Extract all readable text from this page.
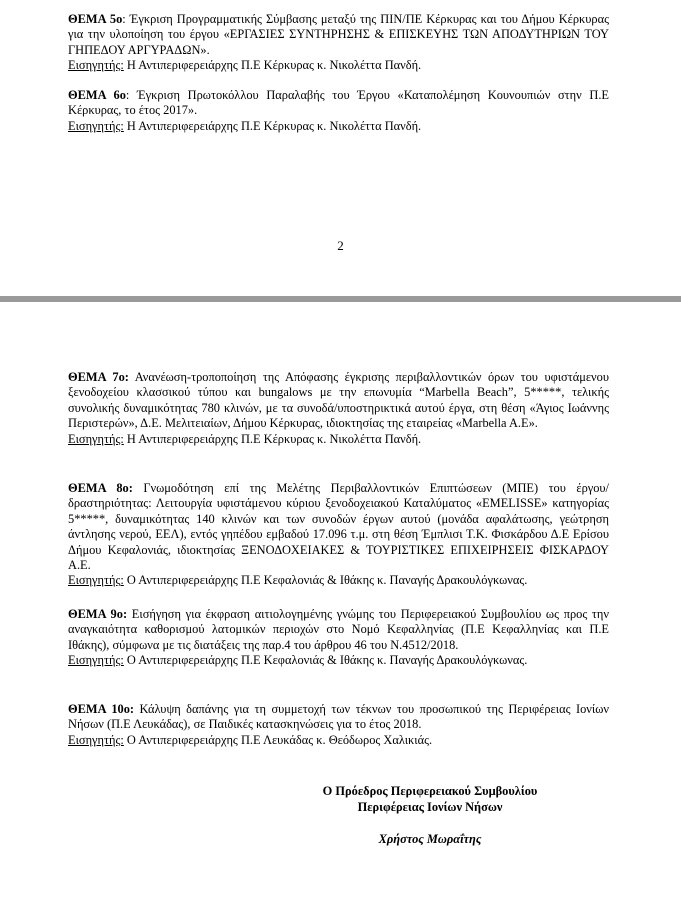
ΘΕΜΑ 5ο: Έγκριση Προγραμματικής Σύμβασης μεταξύ της ΠΙΝ/ΠΕ Κέρκυρας και του Δήμου Κέρκυρας για την υλοποίηση του έργου «ΕΡΓΑΣΙΕΣ ΣΥΝΤΗΡΗΣΗΣ & ΕΠΙΣΚΕΥΗΣ ΤΩΝ ΑΠΟΔΥΤΗΡΙΩΝ ΤΟΥ ΓΗΠΕΔΟΥ ΑΡΓΥΡΑΔΩΝ».

Εισηγητής: Η Αντιπεριφερειάρχης Π.Ε Κέρκυρας κ. Νικολέττα Πανδή.

ΘΕΜΑ 6ο: Έγκριση Πρωτοκόλλου Παραλαβής του Έργου «Καταπολέμηση Κουνουπιών στην Π.Ε Κέρκυρας, το έτος 2017».

Εισηγητής: Η Αντιπεριφερειάρχης Π.Ε Κέρκυρας κ. Νικολέττα Πανδή.

2

ΘΕΜΑ 7ο: Ανανέωση-τροποποίηση της Απόφασης έγκρισης περιβαλλοντικών όρων του υφιστάμενου ξενοδοχείου κλασσικού τύπου και bungalows με την επωνυμία “Marbella Beach”, 5*****, τελικής συνολικής δυναμικότητας 780 κλινών, με τα συνοδά/υποστηρικτικά αυτού έργα, στη θέση «Άγιος Ιωάννης Περιστερών», Δ.Ε. Μελιτειαίων, Δήμου Κέρκυρας, ιδιοκτησίας της εταιρείας «Marbella A.E».

Εισηγητής: Η Αντιπεριφερειάρχης Π.Ε Κέρκυρας κ. Νικολέττα Πανδή.

ΘΕΜΑ 8ο: Γνωμοδότηση επί της Μελέτης Περιβαλλοντικών Επιπτώσεων (ΜΠΕ) του έργου/δραστηριότητας: Λειτουργία υφιστάμενου κύριου ξενοδοχειακού Καταλύματος «EMELISSE» κατηγορίας 5*****, δυναμικότητας 140 κλινών και των συνοδών έργων αυτού (μονάδα αφαλάτωσης, γεώτρηση άντλησης νερού, ΕΕΛ), εντός γηπέδου εμβαδού 17.096 τ.μ. στη θέση Έμπλισι Τ.Κ. Φισκάρδου Δ.Ε Ερίσου Δήμου Κεφαλονιάς, ιδιοκτησίας ΞΕΝΟΔΟΧΕΙΑΚΕΣ & ΤΟΥΡΙΣΤΙΚΕΣ ΕΠΙΧΕΙΡΗΣΕΙΣ ΦΙΣΚΑΡΔΟΥ Α.Ε.

Εισηγητής: Ο Αντιπεριφερειάρχης Π.Ε Κεφαλονιάς & Ιθάκης κ. Παναγής Δρακουλόγκωνας.

ΘΕΜΑ 9ο: Εισήγηση για έκφραση αιτιολογημένης γνώμης του Περιφερειακού Συμβουλίου ως προς την αναγκαιότητα καθορισμού λατομικών περιοχών στο Νομό Κεφαλληνίας (Π.Ε Κεφαλληνίας και Π.Ε Ιθάκης), σύμφωνα με τις διατάξεις της παρ.4 του άρθρου 46 του Ν.4512/2018.

Εισηγητής: Ο Αντιπεριφερειάρχης Π.Ε Κεφαλονιάς & Ιθάκης κ. Παναγής Δρακουλόγκωνας.

ΘΕΜΑ 10ο: Κάλυψη δαπάνης για τη συμμετοχή των τέκνων του προσωπικού της Περιφέρειας Ιονίων Νήσων (Π.Ε Λευκάδας), σε Παιδικές κατασκηνώσεις για το έτος 2018.

Εισηγητής: Ο Αντιπεριφερειάρχης Π.Ε Λευκάδας κ. Θεόδωρος Χαλικιάς.

Ο Πρόεδρος Περιφερειακού Συμβουλίου

Περιφέρειας Ιονίων Νήσων

Χρήστος Μωραΐτης
